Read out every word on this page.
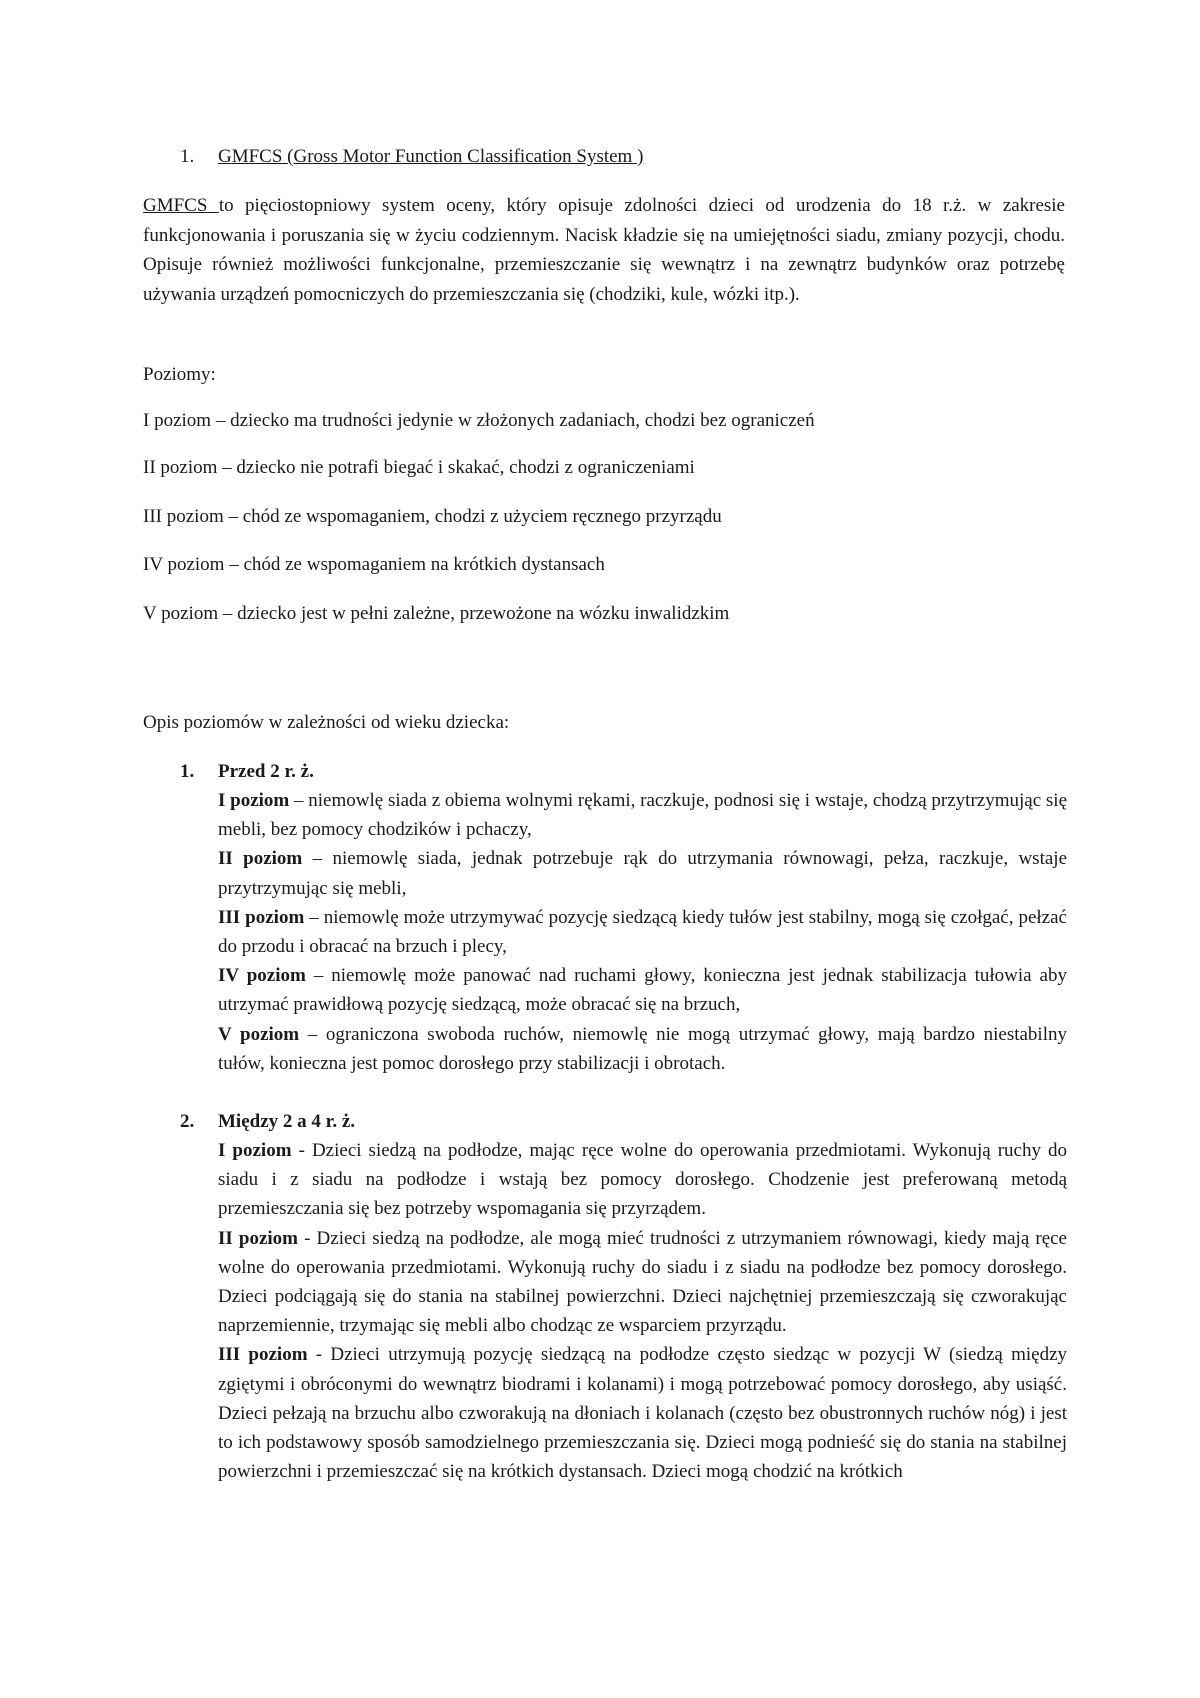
1. GMFCS (Gross Motor Function Classification System )
GMFCS to pięciostopniowy system oceny, który opisuje zdolności dzieci od urodzenia do 18 r.ż. w zakresie funkcjonowania i poruszania się w życiu codziennym. Nacisk kładzie się na umiejętności siadu, zmiany pozycji, chodu. Opisuje również możliwości funkcjonalne, przemieszczanie się wewnątrz i na zewnątrz budynków oraz potrzebę używania urządzeń pomocniczych do przemieszczania się (chodziki, kule, wózki itp.).
Poziomy:
I poziom – dziecko ma trudności jedynie w złożonych zadaniach, chodzi bez ograniczeń
II poziom – dziecko nie potrafi biegać i skakać, chodzi z ograniczeniami
III poziom – chód ze wspomaganiem, chodzi z użyciem ręcznego przyrządu
IV poziom – chód ze wspomaganiem na krótkich dystansach
V poziom – dziecko jest w pełni zależne, przewożone na wózku inwalidzkim
Opis poziomów w zależności od wieku dziecka:
1. Przed 2 r. ż.
I poziom – niemowlę siada z obiema wolnymi rękami, raczkuje, podnosi się i wstaje, chodzą przytrzymując się mebli, bez pomocy chodzików i pchaczy,
II poziom – niemowlę siada, jednak potrzebuje rąk do utrzymania równowagi, pełza, raczkuje, wstaje przytrzymując się mebli,
III poziom – niemowlę może utrzymywać pozycję siedzącą kiedy tułów jest stabilny, mogą się czołgać, pełzać do przodu i obracać na brzuch i plecy,
IV poziom – niemowlę może panować nad ruchami głowy, konieczna jest jednak stabilizacja tułowia aby utrzymać prawidłową pozycję siedzącą, może obracać się na brzuch,
V poziom – ograniczona swoboda ruchów, niemowlę nie mogą utrzymać głowy, mają bardzo niestabilny tułów, konieczna jest pomoc dorosłego przy stabilizacji i obrotach.
2. Między 2 a 4 r. ż.
I poziom - Dzieci siedzą na podłodze, mając ręce wolne do operowania przedmiotami. Wykonują ruchy do siadu i z siadu na podłodze i wstają bez pomocy dorosłego. Chodzenie jest preferowaną metodą przemieszczania się bez potrzeby wspomagania się przyrządem.
II poziom - Dzieci siedzą na podłodze, ale mogą mieć trudności z utrzymaniem równowagi, kiedy mają ręce wolne do operowania przedmiotami. Wykonują ruchy do siadu i z siadu na podłodze bez pomocy dorosłego. Dzieci podciągają się do stania na stabilnej powierzchni. Dzieci najchętniej przemieszczają się czworakując naprzemiennie, trzymając się mebli albo chodząc ze wsparciem przyrządu.
III poziom - Dzieci utrzymują pozycję siedzącą na podłodze często siedząc w pozycji W (siedzą między zgiętymi i obróconymi do wewnątrz biodrami i kolanami) i mogą potrzebować pomocy dorosłego, aby usiąść. Dzieci pełzają na brzuchu albo czworakują na dłoniach i kolanach (często bez obustronnych ruchów nóg) i jest to ich podstawowy sposób samodzielnego przemieszczania się. Dzieci mogą podnieść się do stania na stabilnej powierzchni i przemieszczać się na krótkich dystansach. Dzieci mogą chodzić na krótkich
